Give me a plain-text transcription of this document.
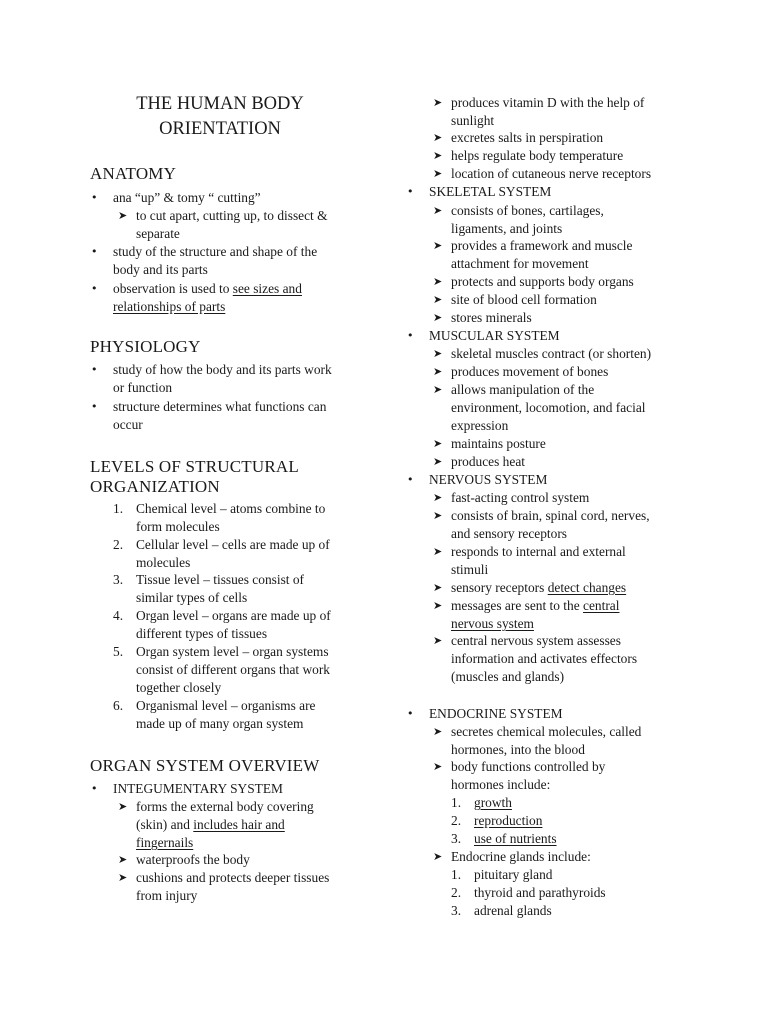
THE HUMAN BODY
ORIENTATION
ANATOMY
• ana “up” & tomy “ cutting”
➤ to cut apart, cutting up, to dissect &
separate
• study of the structure and shape of the
body and its parts
• observation is used to see sizes and
relationships of parts
PHYSIOLOGY
• study of how the body and its parts work
or function
• structure determines what functions can
occur
LEVELS OF STRUCTURAL
ORGANIZATION
1. Chemical level – atoms combine to
form molecules
2. Cellular level – cells are made up of
molecules
3. Tissue level – tissues consist of
similar types of cells
4. Organ level – organs are made up of
different types of tissues
5. Organ system level – organ systems
consist of different organs that work
together closely
6. Organismal level – organisms are
made up of many organ system
ORGAN SYSTEM OVERVIEW
• INTEGUMENTARY SYSTEM
➤ forms the external body covering
(skin) and includes hair and
fingernails
➤ waterproofs the body
➤ cushions and protects deeper tissues
from injury
➤ produces vitamin D with the help of
sunlight
➤ excretes salts in perspiration
➤ helps regulate body temperature
➤ location of cutaneous nerve receptors
• SKELETAL SYSTEM
➤ consists of bones, cartilages,
ligaments, and joints
➤ provides a framework and muscle
attachment for movement
➤ protects and supports body organs
➤ site of blood cell formation
➤ stores minerals
• MUSCULAR SYSTEM
➤ skeletal muscles contract (or shorten)
➤ produces movement of bones
➤ allows manipulation of the
environment, locomotion, and facial
expression
➤ maintains posture
➤ produces heat
• NERVOUS SYSTEM
➤ fast-acting control system
➤ consists of brain, spinal cord, nerves,
and sensory receptors
➤ responds to internal and external
stimuli
➤ sensory receptors detect changes
➤ messages are sent to the central
nervous system
➤ central nervous system assesses
information and activates effectors
(muscles and glands)
• ENDOCRINE SYSTEM
➤ secretes chemical molecules, called
hormones, into the blood
➤ body functions controlled by
hormones include:
1. growth
2. reproduction
3. use of nutrients
➤ Endocrine glands include:
1. pituitary gland
2. thyroid and parathyroids
3. adrenal glands
